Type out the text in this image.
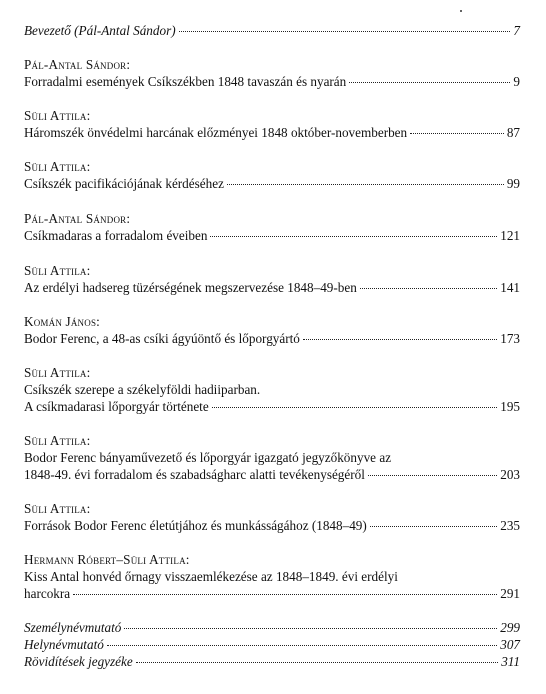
Bevezető (Pál-Antal Sándor)	7
Pál-Antal Sándor:
Forradalmi események Csíkszékben 1848 tavaszán és nyarán	9
Süli Attila:
Háromszék önvédelmi harcának előzményei 1848 október-novemberben	87
Süli Attila:
Csíkszék pacifikációjának kérdéséhez	99
Pál-Antal Sándor:
Csíkmadaras a forradalom éveiben	121
Süli Attila:
Az erdélyi hadsereg tüzérségének megszervezése 1848–49-ben	141
Komán János:
Bodor Ferenc, a 48-as csíki ágyúöntő és lőporgyártó	173
Süli Attila:
Csíkszék szerepe a székelyföldi hadiiparban.
A csíkmadarasi lőporgyár története	195
Süli Attila:
Bodor Ferenc bányaművezető és lőporgyár igazgató jegyzőkönyve az
1848-49. évi forradalom és szabadságharc alatti tevékenységéről	203
Süli Attila:
Források Bodor Ferenc életútjához és munkásságához (1848–49)	235
Hermann Róbert–Süli Attila:
Kiss Antal honvéd őrnagy visszaemlékezése az 1848–1849. évi erdélyi
harcokra	291
Személynévmutató	299
Helynévmutató	307
Rövidítések jegyzéke	311
